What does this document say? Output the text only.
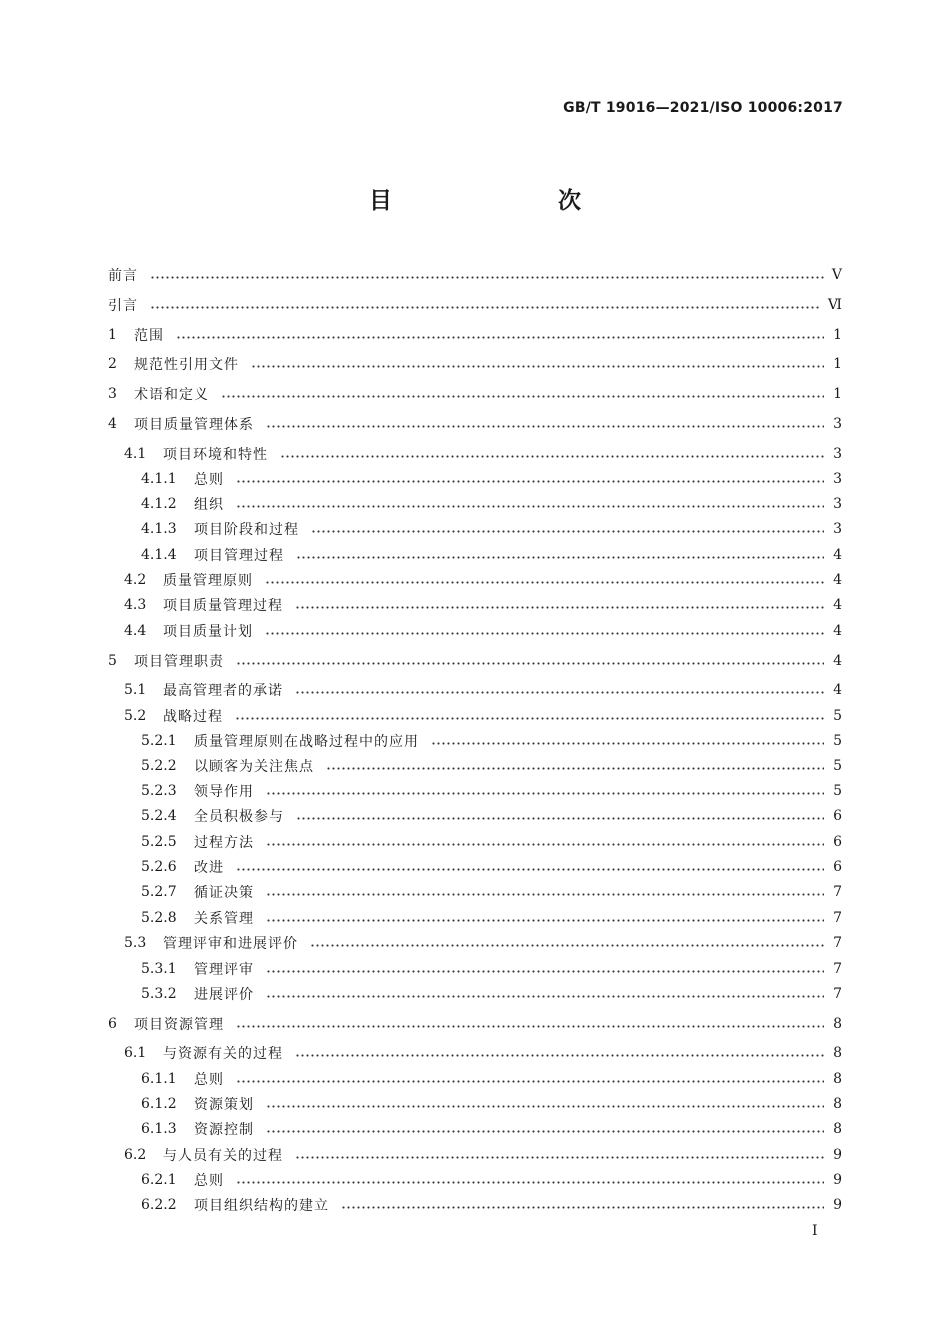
GB/T 19016—2021/ISO 10006:2017
目　　次
前言	Ⅴ
引言	Ⅵ
1	范围	1
2	规范性引用文件	1
3	术语和定义	1
4	项目质量管理体系	3
4.1	项目环境和特性	3
4.1.1	总则	3
4.1.2	组织	3
4.1.3	项目阶段和过程	3
4.1.4	项目管理过程	4
4.2	质量管理原则	4
4.3	项目质量管理过程	4
4.4	项目质量计划	4
5	项目管理职责	4
5.1	最高管理者的承诺	4
5.2	战略过程	5
5.2.1	质量管理原则在战略过程中的应用	5
5.2.2	以顾客为关注焦点	5
5.2.3	领导作用	5
5.2.4	全员积极参与	6
5.2.5	过程方法	6
5.2.6	改进	6
5.2.7	循证决策	7
5.2.8	关系管理	7
5.3	管理评审和进展评价	7
5.3.1	管理评审	7
5.3.2	进展评价	7
6	项目资源管理	8
6.1	与资源有关的过程	8
6.1.1	总则	8
6.1.2	资源策划	8
6.1.3	资源控制	8
6.2	与人员有关的过程	9
6.2.1	总则	9
6.2.2	项目组织结构的建立	9
I
